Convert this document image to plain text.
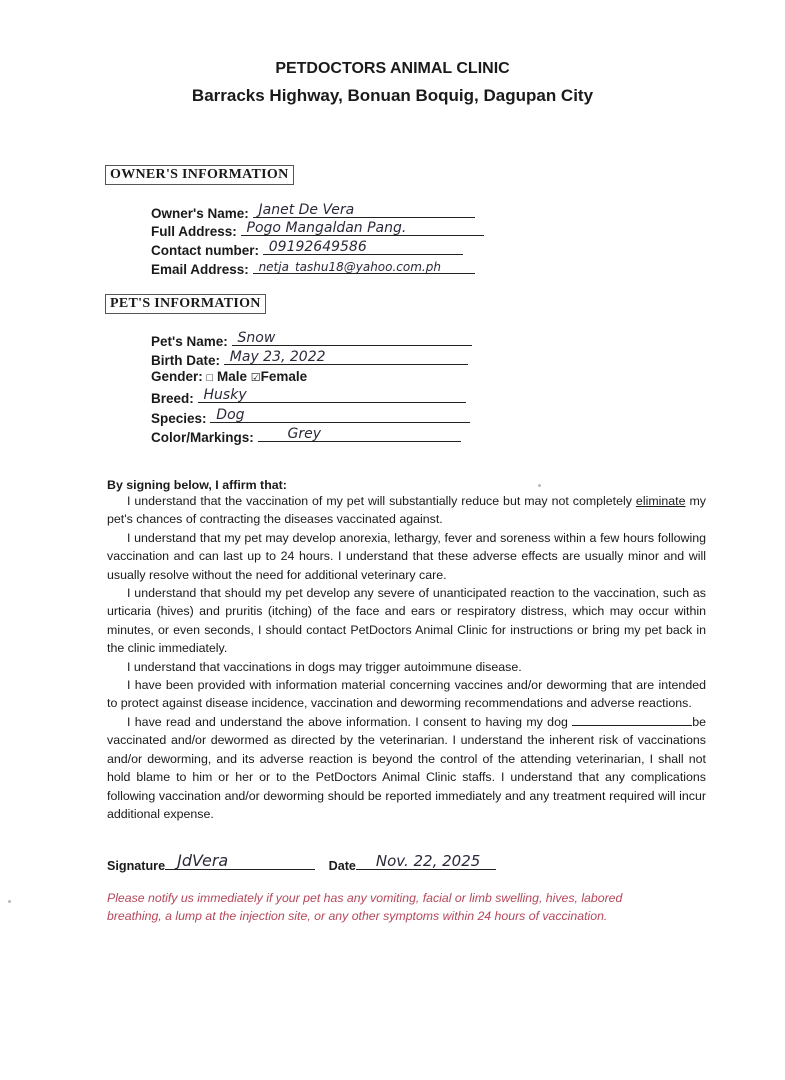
PETDOCTORS ANIMAL CLINIC
Barracks Highway, Bonuan Boquig, Dagupan City
OWNER'S INFORMATION
Owner's Name: Janet De Vera
Full Address: Pogo Mangaldan Pang.
Contact number: 09192649586
Email Address: netja_tashu18@yahoo.com.ph
PET'S INFORMATION
Pet's Name: Snow
Birth Date: May 23, 2022
Gender: □ Male ☑Female
Breed: Husky
Species: Dog
Color/Markings: Grey
By signing below, I affirm that:

I understand that the vaccination of my pet will substantially reduce but may not completely eliminate my pet's chances of contracting the diseases vaccinated against.

I understand that my pet may develop anorexia, lethargy, fever and soreness within a few hours following vaccination and can last up to 24 hours. I understand that these adverse effects are usually minor and will usually resolve without the need for additional veterinary care.

I understand that should my pet develop any severe of unanticipated reaction to the vaccination, such as urticaria (hives) and pruritis (itching) of the face and ears or respiratory distress, which may occur within minutes, or even seconds, I should contact PetDoctors Animal Clinic for instructions or bring my pet back in the clinic immediately.

I understand that vaccinations in dogs may trigger autoimmune disease.

I have been provided with information material concerning vaccines and/or deworming that are intended to protect against disease incidence, vaccination and deworming recommendations and adverse reactions.

I have read and understand the above information. I consent to having my dog	be vaccinated and/or dewormed as directed by the veterinarian. I understand the inherent risk of vaccinations and/or deworming, and its adverse reaction is beyond the control of the attending veterinarian, I shall not hold blame to him or her or to the PetDoctors Animal Clinic staffs. I understand that any complications following vaccination and/or deworming should be reported immediately and any treatment required will incur additional expense.

Signature JdVera	Date Nov. 22, 2025
Please notify us immediately if your pet has any vomiting, facial or limb swelling, hives, labored breathing, a lump at the injection site, or any other symptoms within 24 hours of vaccination.
